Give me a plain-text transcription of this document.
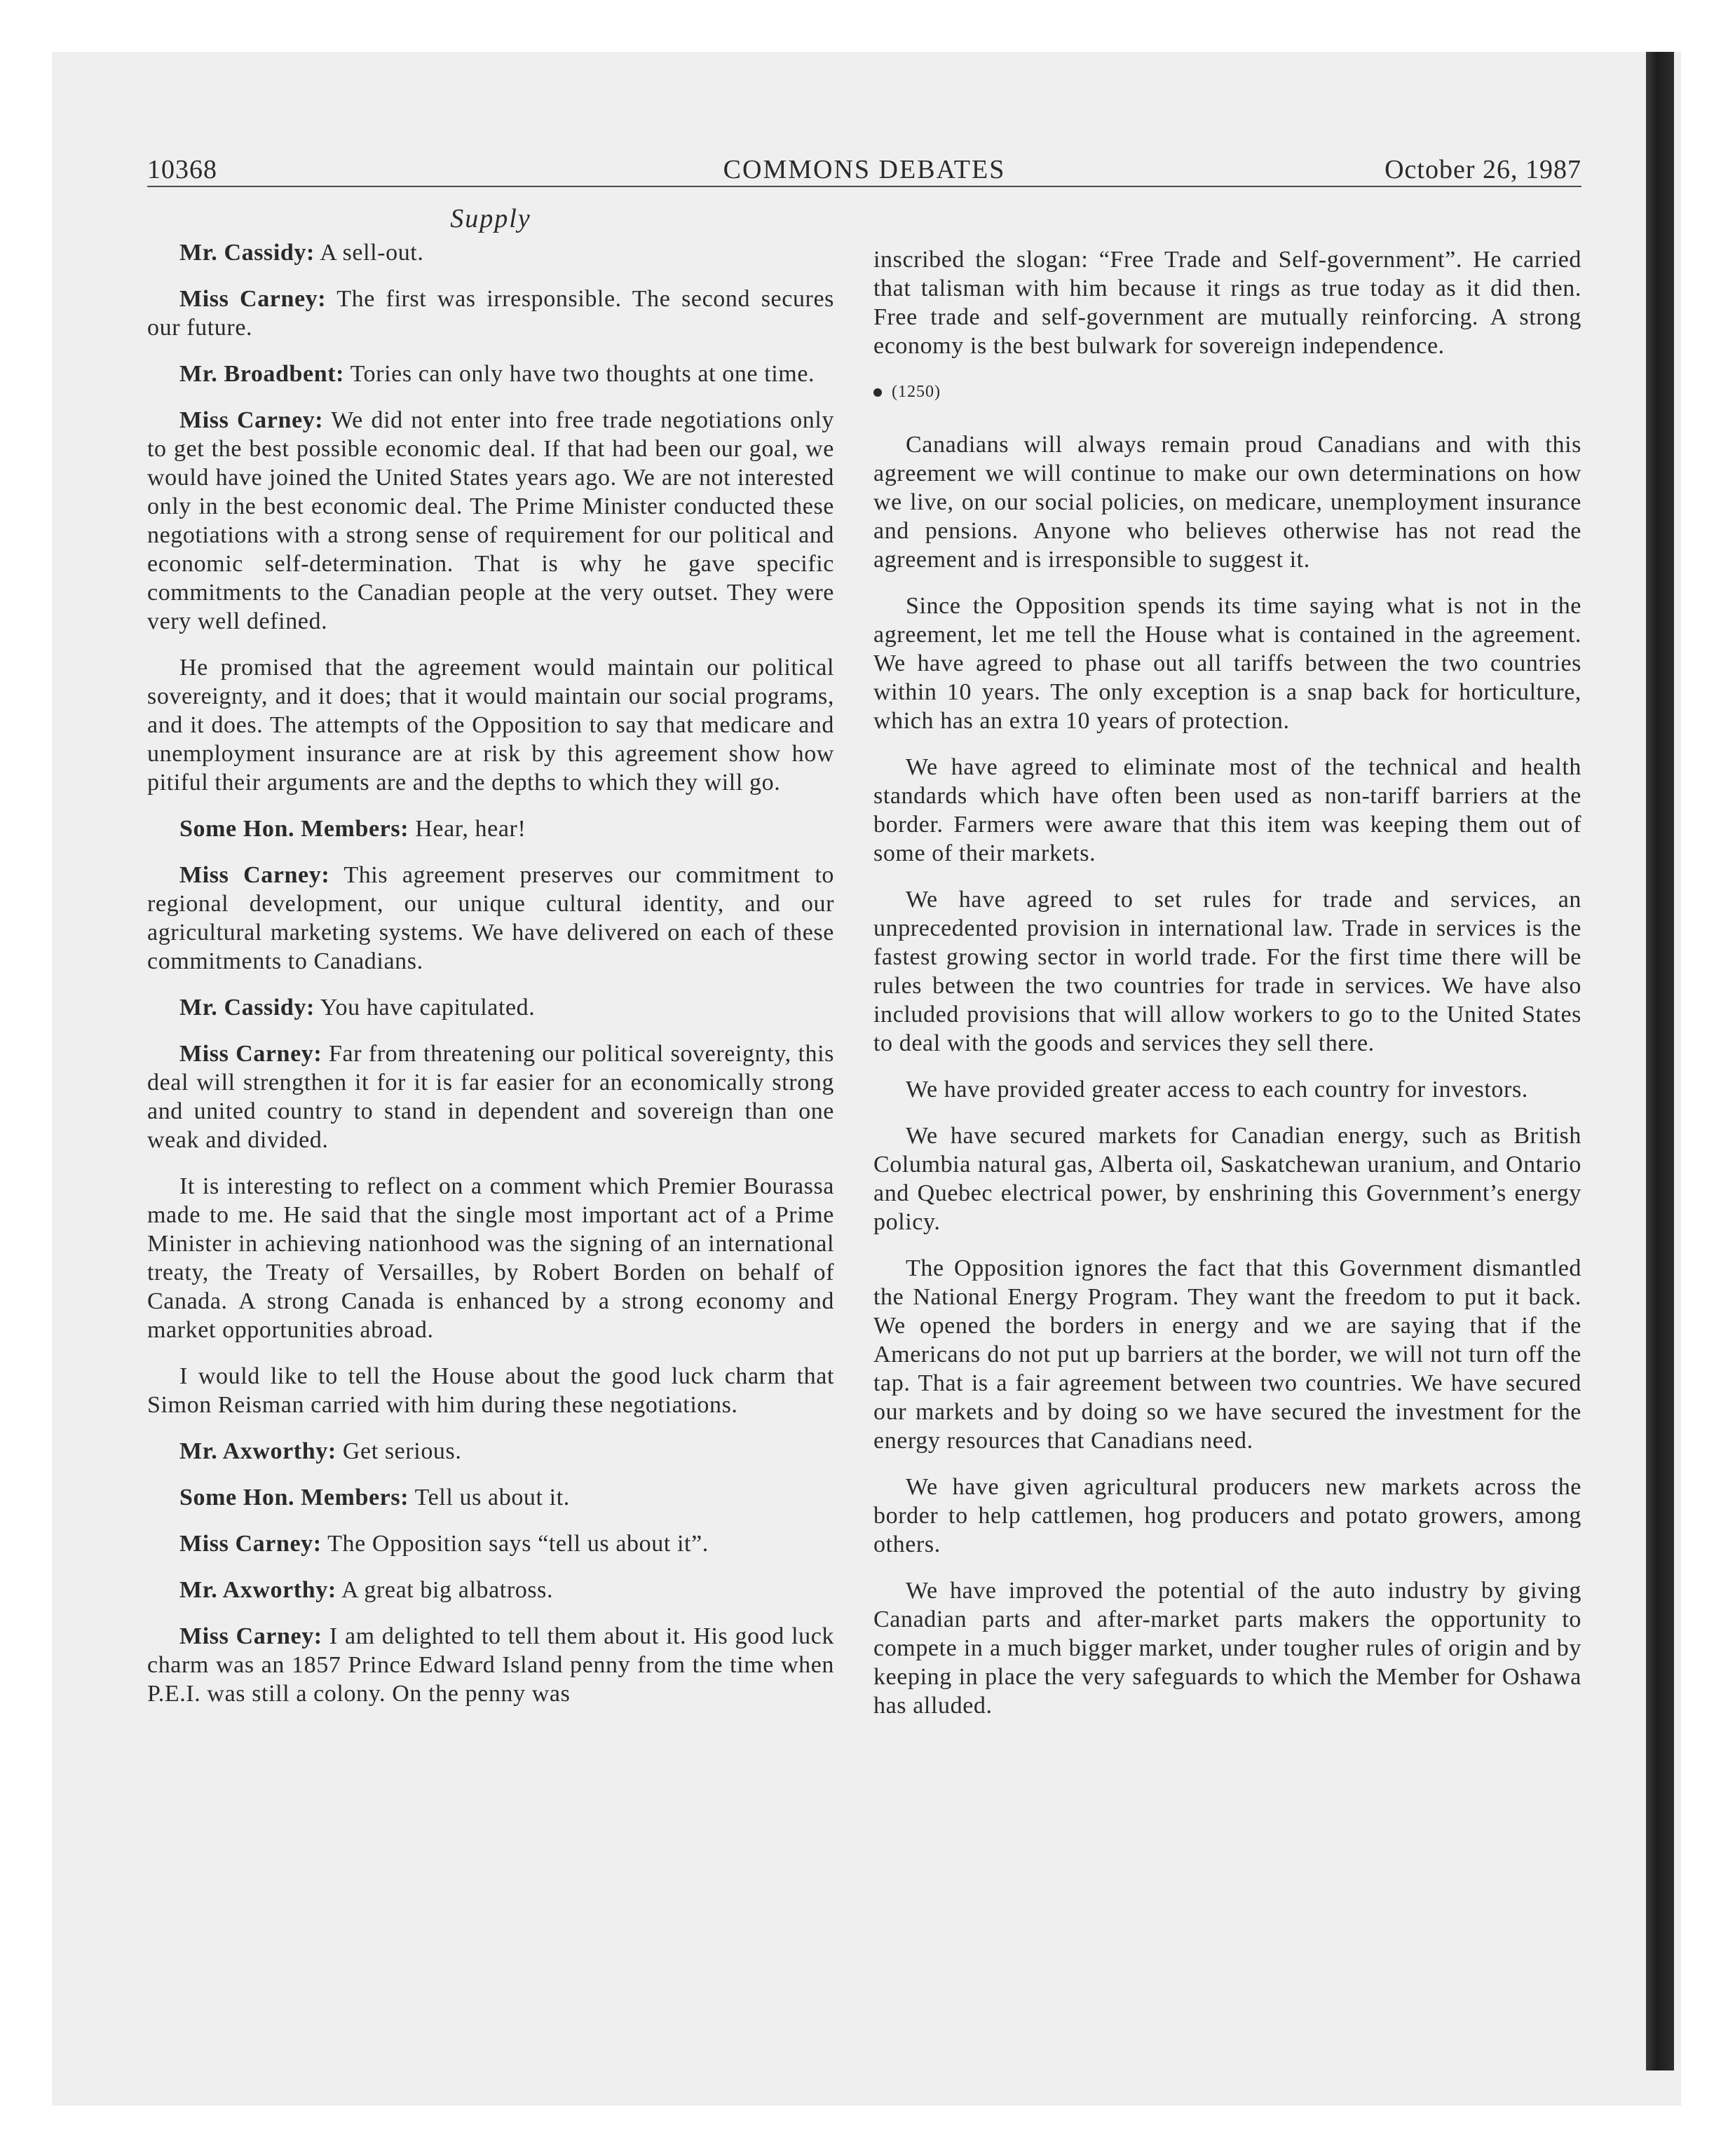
10368	COMMONS DEBATES	October 26, 1987
Supply

Mr. Cassidy: A sell-out.

Miss Carney: The first was irresponsible. The second secures our future.

Mr. Broadbent: Tories can only have two thoughts at one time.

Miss Carney: We did not enter into free trade negotiations only to get the best possible economic deal. If that had been our goal, we would have joined the United States years ago. We are not interested only in the best economic deal. The Prime Minister conducted these negotiations with a strong sense of requirement for our political and economic self-determination. That is why he gave specific commitments to the Canadian people at the very outset. They were very well defined.

He promised that the agreement would maintain our political sovereignty, and it does; that it would maintain our social programs, and it does. The attempts of the Opposition to say that medicare and unemployment insurance are at risk by this agreement show how pitiful their arguments are and the depths to which they will go.

Some Hon. Members: Hear, hear!

Miss Carney: This agreement preserves our commitment to regional development, our unique cultural identity, and our agricultural marketing systems. We have delivered on each of these commitments to Canadians.

Mr. Cassidy: You have capitulated.

Miss Carney: Far from threatening our political sovereignty, this deal will strengthen it for it is far easier for an economically strong and united country to stand in dependent and sovereign than one weak and divided.

It is interesting to reflect on a comment which Premier Bourassa made to me. He said that the single most important act of a Prime Minister in achieving nationhood was the signing of an international treaty, the Treaty of Versailles, by Robert Borden on behalf of Canada. A strong Canada is enhanced by a strong economy and market opportunities abroad.

I would like to tell the House about the good luck charm that Simon Reisman carried with him during these negotiations.

Mr. Axworthy: Get serious.

Some Hon. Members: Tell us about it.

Miss Carney: The Opposition says “tell us about it”.

Mr. Axworthy: A great big albatross.

Miss Carney: I am delighted to tell them about it. His good luck charm was an 1857 Prince Edward Island penny from the time when P.E.I. was still a colony. On the penny was

inscribed the slogan: “Free Trade and Self-government”. He carried that talisman with him because it rings as true today as it did then. Free trade and self-government are mutually reinforcing. A strong economy is the best bulwark for sovereign independence.

(1250)

Canadians will always remain proud Canadians and with this agreement we will continue to make our own determinations on how we live, on our social policies, on medicare, unemployment insurance and pensions. Anyone who believes otherwise has not read the agreement and is irresponsible to suggest it.

Since the Opposition spends its time saying what is not in the agreement, let me tell the House what is contained in the agreement. We have agreed to phase out all tariffs between the two countries within 10 years. The only exception is a snap back for horticulture, which has an extra 10 years of protection.

We have agreed to eliminate most of the technical and health standards which have often been used as non-tariff barriers at the border. Farmers were aware that this item was keeping them out of some of their markets.

We have agreed to set rules for trade and services, an unprecedented provision in international law. Trade in services is the fastest growing sector in world trade. For the first time there will be rules between the two countries for trade in services. We have also included provisions that will allow workers to go to the United States to deal with the goods and services they sell there.

We have provided greater access to each country for investors.

We have secured markets for Canadian energy, such as British Columbia natural gas, Alberta oil, Saskatchewan uranium, and Ontario and Quebec electrical power, by enshrining this Government’s energy policy.

The Opposition ignores the fact that this Government dismantled the National Energy Program. They want the freedom to put it back. We opened the borders in energy and we are saying that if the Americans do not put up barriers at the border, we will not turn off the tap. That is a fair agreement between two countries. We have secured our markets and by doing so we have secured the investment for the energy resources that Canadians need.

We have given agricultural producers new markets across the border to help cattlemen, hog producers and potato growers, among others.

We have improved the potential of the auto industry by giving Canadian parts and after-market parts makers the opportunity to compete in a much bigger market, under tougher rules of origin and by keeping in place the very safeguards to which the Member for Oshawa has alluded.
